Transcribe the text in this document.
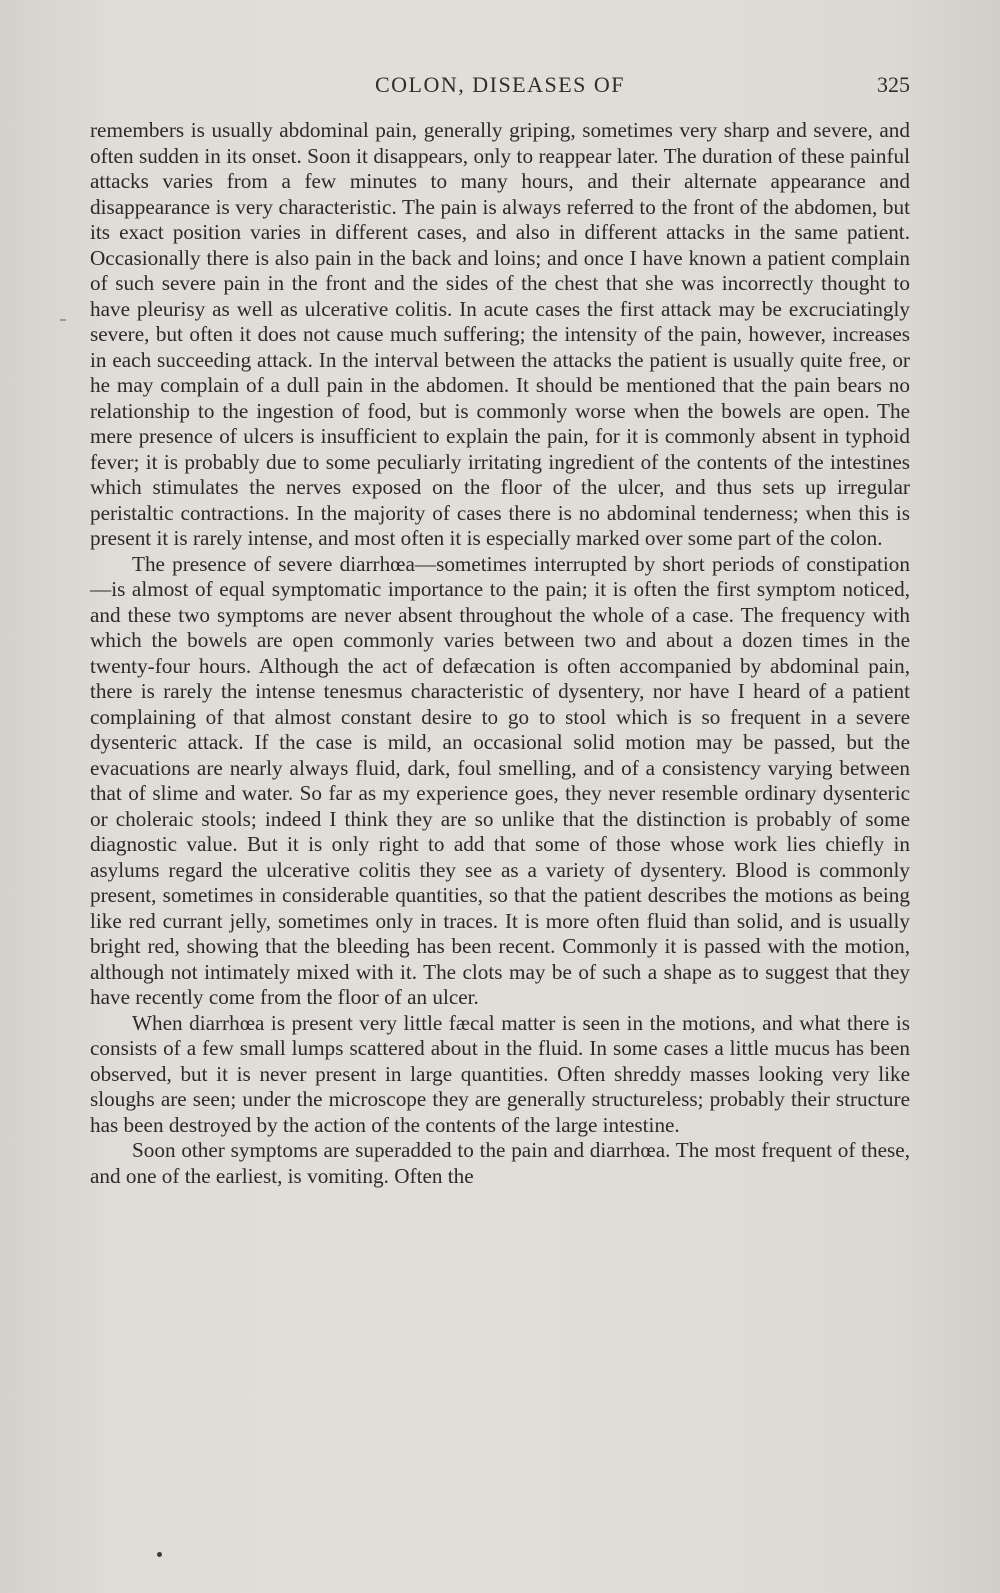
COLON, DISEASES OF	325

remembers is usually abdominal pain, generally griping, sometimes very sharp and severe, and often sudden in its onset. Soon it disappears, only to reappear later. The duration of these painful attacks varies from a few minutes to many hours, and their alternate appearance and disappearance is very characteristic. The pain is always referred to the front of the abdomen, but its exact position varies in different cases, and also in different attacks in the same patient. Occasionally there is also pain in the back and loins; and once I have known a patient complain of such severe pain in the front and the sides of the chest that she was incorrectly thought to have pleurisy as well as ulcerative colitis. In acute cases the first attack may be excruciatingly severe, but often it does not cause much suffering; the intensity of the pain, however, increases in each succeeding attack. In the interval between the attacks the patient is usually quite free, or he may complain of a dull pain in the abdomen. It should be mentioned that the pain bears no relationship to the ingestion of food, but is commonly worse when the bowels are open. The mere presence of ulcers is insufficient to explain the pain, for it is commonly absent in typhoid fever; it is probably due to some peculiarly irritating ingredient of the contents of the intestines which stimulates the nerves exposed on the floor of the ulcer, and thus sets up irregular peristaltic contractions. In the majority of cases there is no abdominal tenderness; when this is present it is rarely intense, and most often it is especially marked over some part of the colon.

The presence of severe diarrhœa—sometimes interrupted by short periods of constipation—is almost of equal symptomatic importance to the pain; it is often the first symptom noticed, and these two symptoms are never absent throughout the whole of a case. The frequency with which the bowels are open commonly varies between two and about a dozen times in the twenty-four hours. Although the act of defæcation is often accompanied by abdominal pain, there is rarely the intense tenesmus characteristic of dysentery, nor have I heard of a patient complaining of that almost constant desire to go to stool which is so frequent in a severe dysenteric attack. If the case is mild, an occasional solid motion may be passed, but the evacuations are nearly always fluid, dark, foul smelling, and of a consistency varying between that of slime and water. So far as my experience goes, they never resemble ordinary dysenteric or choleraic stools; indeed I think they are so unlike that the distinction is probably of some diagnostic value. But it is only right to add that some of those whose work lies chiefly in asylums regard the ulcerative colitis they see as a variety of dysentery. Blood is commonly present, sometimes in considerable quantities, so that the patient describes the motions as being like red currant jelly, sometimes only in traces. It is more often fluid than solid, and is usually bright red, showing that the bleeding has been recent. Commonly it is passed with the motion, although not intimately mixed with it. The clots may be of such a shape as to suggest that they have recently come from the floor of an ulcer.

When diarrhœa is present very little fæcal matter is seen in the motions, and what there is consists of a few small lumps scattered about in the fluid. In some cases a little mucus has been observed, but it is never present in large quantities. Often shreddy masses looking very like sloughs are seen; under the microscope they are generally structureless; probably their structure has been destroyed by the action of the contents of the large intestine.

Soon other symptoms are superadded to the pain and diarrhœa. The most frequent of these, and one of the earliest, is vomiting. Often the
